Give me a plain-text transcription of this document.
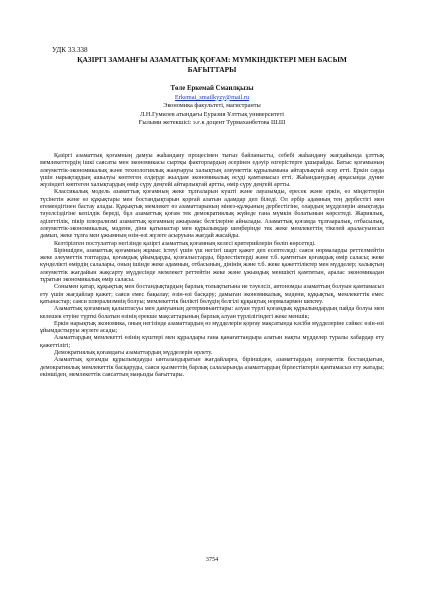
УДК 33.338
ҚАЗІРГІ ЗАМАНҒЫ АЗАМАТТЫҚ ҚОҒАМ: МҮМКІНДІКТЕРІ МЕН БАСЫМ
БАҒЫТТАРЫ
Төле Еркемай Смаилқызы
Erkemai_smailkyzy@mail.ru
Экономика факультеті, магистранты
Л.Н.Гумилев атындағы Еуразия Ұлттық университеті
Ғылыми жетекшісі: э.ғ.к доцент Турмаханбетова Ш.Ш

Қазіргі азаматтық қоғамның дамуы жаһандану процесімен тығыз байланысты, себебі жаһандану жағдайында ұлттық мемлекеттердің ішкі саясаты мен экономикасы сыртқы факторлардың әсерінен едәуір өзгерістерге ұшырайды. Батыс қоғамының әлеуметтік-экономикалық және технологиялық жаңғыруы халықтың әлеуметтік құрылымына айтарлықтай әсер етті. Еркін сауда үшін нарықтардың ашылуы көптеген елдерде жылдам экономикалық өсуді қамтамасыз етті. Жаһанданудың арқасында дүние жүзіндегі көптеген халықтардың өмір сүру деңгейі айтарлықтай артты, өмір сүру деңгейі артты.

Классикалық модель азаматтық қоғамның жеке тұлғаларын күшті және лауазымды, ересек және еркін, өз міндеттерін түсінетін және өз құқықтары мен бостандықтарын қорғай алатын адамдар деп біледі. Ол әрбір адамның тең дербестігі мен егемендігінен бастау алады. Құқықтық мемлекет өз азаматтарының мінез-құлқының дербестігіне, олардың мүдделерін анықтауда тәуелсіздігіне кепілдік береді, бұл азаматтық қоғам тек демократиялық жүйеде ғана мүмкін болатынын көрсетеді. Жариялық, әділеттілік, пікір плюрализмі азаматтық қоғамның ажырамас белгілеріне айналады. Азаматтық қоғамда тұлғааралық, отбасылық, әлеуметтік-экономикалық, мәдени, діни қатынастар мен құрылымдар шеңберінде тек жеке мемлекеттің тікелей араласуынсыз дамып, жеке тұлға мен ұжымның өзін-өзі жүзеге асыруына жағдай жасайды.

Келтірілген постулаттар негізінде қазіргі азаматтық қоғамның келесі критерийлерін бөліп көрсетеді.

Біріншіден, азаматтық қоғамның жұмыс істеуі үшін үш негізгі шарт қажет деп есептеледі: саяси нормаларды реттелмейтін жеке әлеуметтік топтарды, қоғамдық ұйымдарды, қозғалыстарды, бірлестіктерді және т.б. қамтитын қоғамдық өмір саласы; жеке күнделікті өмірдің салалары, оның ішінде жеке адамның, отбасының, дінінің және т.б. жеке қажеттіліктер мен мүдделер; халықтың әлеуметтік жағдайын жақсарту мүддесінде мемлекет реттейтін жеке және ұжымдық меншікті қамтитын, аралас экономикадан тұратын экономикалық өмір саласы.

Сонымен қатар, құқықтық мен бостандықтардың барлық толықтығына ие тәуелсіз, автономды азаматтың болуын қамтамасыз ету үшін жағдайлар қажет; саяси емес бақылау; өзін-өзі басқару; дамыған экономикалық, мәдени, құқықтық, мемлекеттік емес қатынастар; саяси плюрализмнің болуы; мемлекеттік билікті бөлудің белгілі құқықтық нормалармен шектеу.

Азаматтық қоғамның қалыптасуы мен дамуының детерминанттары: алуан түрлі қоғамдық құрылымдардың пайда болуы мен келешек етуіне түрткі болатын өзінің ерекше мақсаттарының барлық алуан түрлілігіндегі жеке меншік;

Еркін нарықтық экономика, оның негізінде азаматтардың өз мүдделерін қорғау мақсатында кәсіби мүдделеріне сәйкес өзін-өзі ұйымдастыруы жүзеге асады;

Азаматтардың мемлекетті өзінің күштері мен құралдары ғана қанағаттандыра алатын нақты мүдделер туралы хабардар ету қажеттілігі;

Демократиялық қоғамдағы азаматтардың мүдделерін өрлету.

Азаматтық қоғамды құрылымдауды ынталандыратын жағдайларға, біріншіден, азаматтардың әлеуметтік бостандығын, демократиялық мемлекеттік басқаруды, саяси қызметтің барлық салаларында азаматтардың бірлестіктерін қамтамасыз ету жатады; екіншіден, мемлекеттік саясаттың маңызды бағыттары.

3754
